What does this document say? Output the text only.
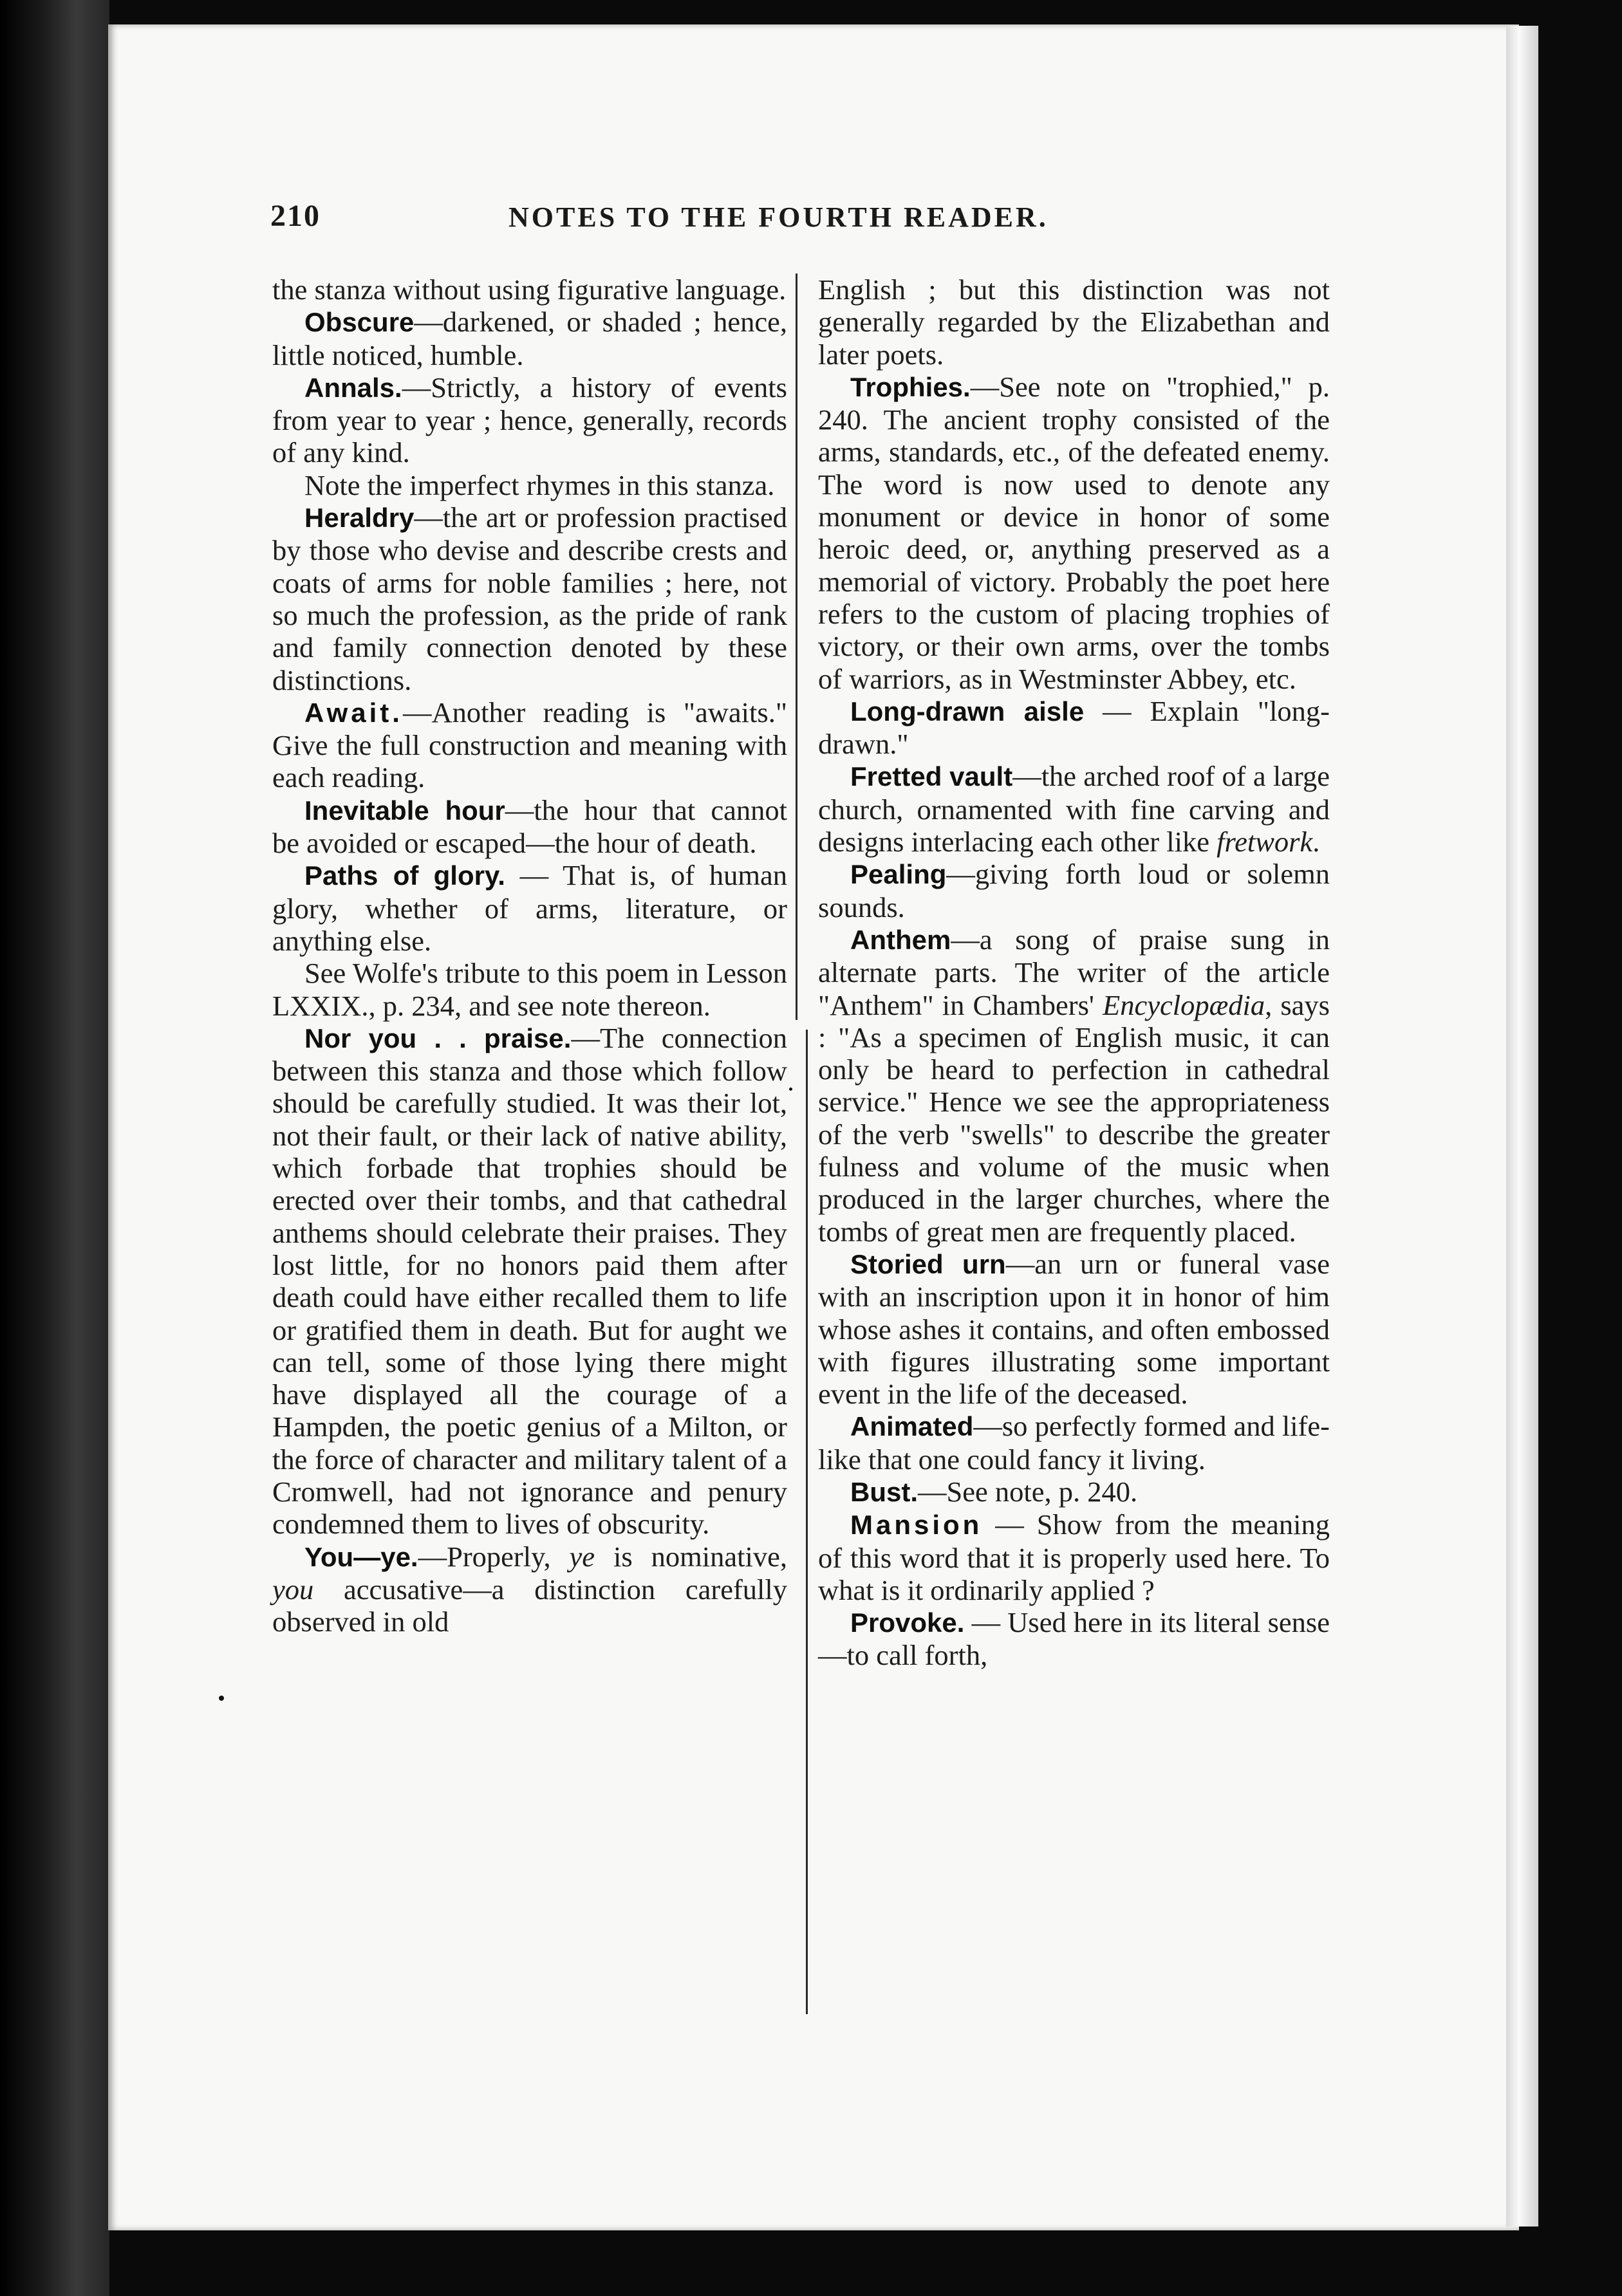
210	NOTES TO THE FOURTH READER.

the stanza without using figurative language.

Obscure—darkened, or shaded ; hence, little noticed, humble.

Annals.—Strictly, a history of events from year to year ; hence, generally, records of any kind.

Note the imperfect rhymes in this stanza.

Heraldry—the art or profession practised by those who devise and describe crests and coats of arms for noble families ; here, not so much the profession, as the pride of rank and family connection denoted by these distinctions.

Await.—Another reading is "awaits." Give the full construction and meaning with each reading.

Inevitable hour—the hour that cannot be avoided or escaped—the hour of death.

Paths of glory. — That is, of human glory, whether of arms, literature, or anything else.

See Wolfe's tribute to this poem in Lesson LXXIX., p. 234, and see note thereon.

Nor you . . praise.—The connection between this stanza and those which follow should be carefully studied. It was their lot, not their fault, or their lack of native ability, which forbade that trophies should be erected over their tombs, and that cathedral anthems should celebrate their praises. They lost little, for no honors paid them after death could have either recalled them to life or gratified them in death. But for aught we can tell, some of those lying there might have displayed all the courage of a Hampden, the poetic genius of a Milton, or the force of character and military talent of a Cromwell, had not ignorance and penury condemned them to lives of obscurity.

You—ye.—Properly, ye is nominative, you accusative—a distinction carefully observed in old

English ; but this distinction was not generally regarded by the Elizabethan and later poets.

Trophies.—See note on "trophied," p. 240. The ancient trophy consisted of the arms, standards, etc., of the defeated enemy. The word is now used to denote any monument or device in honor of some heroic deed, or, anything preserved as a memorial of victory. Probably the poet here refers to the custom of placing trophies of victory, or their own arms, over the tombs of warriors, as in Westminster Abbey, etc.

Long-drawn aisle — Explain "long-drawn."

Fretted vault—the arched roof of a large church, ornamented with fine carving and designs interlacing each other like fretwork.

Pealing—giving forth loud or solemn sounds.

Anthem—a song of praise sung in alternate parts. The writer of the article "Anthem" in Chambers' Encyclopædia, says : "As a specimen of English music, it can only be heard to perfection in cathedral service." Hence we see the appropriateness of the verb "swells" to describe the greater fulness and volume of the music when produced in the larger churches, where the tombs of great men are frequently placed.

Storied urn—an urn or funeral vase with an inscription upon it in honor of him whose ashes it contains, and often embossed with figures illustrating some important event in the life of the deceased.

Animated—so perfectly formed and life-like that one could fancy it living.

Bust.—See note, p. 240.

Mansion — Show from the meaning of this word that it is properly used here. To what is it ordinarily applied ?

Provoke. — Used here in its literal sense—to call forth,
